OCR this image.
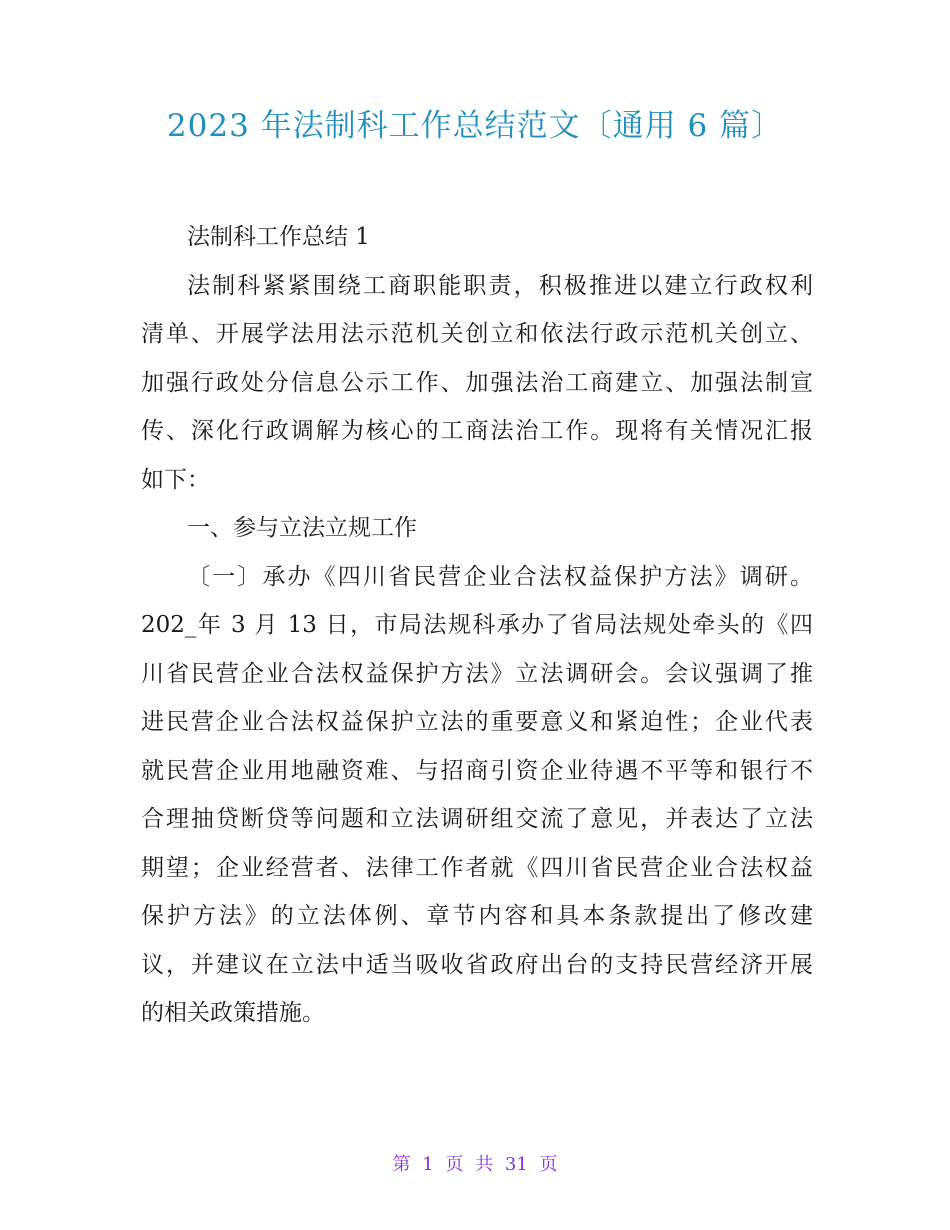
2023 年法制科工作总结范文〔通用 6 篇〕
法制科工作总结 1
法制科紧紧围绕工商职能职责，积极推进以建立行政权利
清单、开展学法用法示范机关创立和依法行政示范机关创立、
加强行政处分信息公示工作、加强法治工商建立、加强法制宣
传、深化行政调解为核心的工商法治工作。现将有关情况汇报
如下：
一、参与立法立规工作
〔一〕承办《四川省民营企业合法权益保护方法》调研。
202_年 3 月 13 日，市局法规科承办了省局法规处牵头的《四
川省民营企业合法权益保护方法》立法调研会。会议强调了推
进民营企业合法权益保护立法的重要意义和紧迫性；企业代表
就民营企业用地融资难、与招商引资企业待遇不平等和银行不
合理抽贷断贷等问题和立法调研组交流了意见，并表达了立法
期望；企业经营者、法律工作者就《四川省民营企业合法权益
保护方法》的立法体例、章节内容和具本条款提出了修改建
议，并建议在立法中适当吸收省政府出台的支持民营经济开展
的相关政策措施。
第 1 页 共 31 页
